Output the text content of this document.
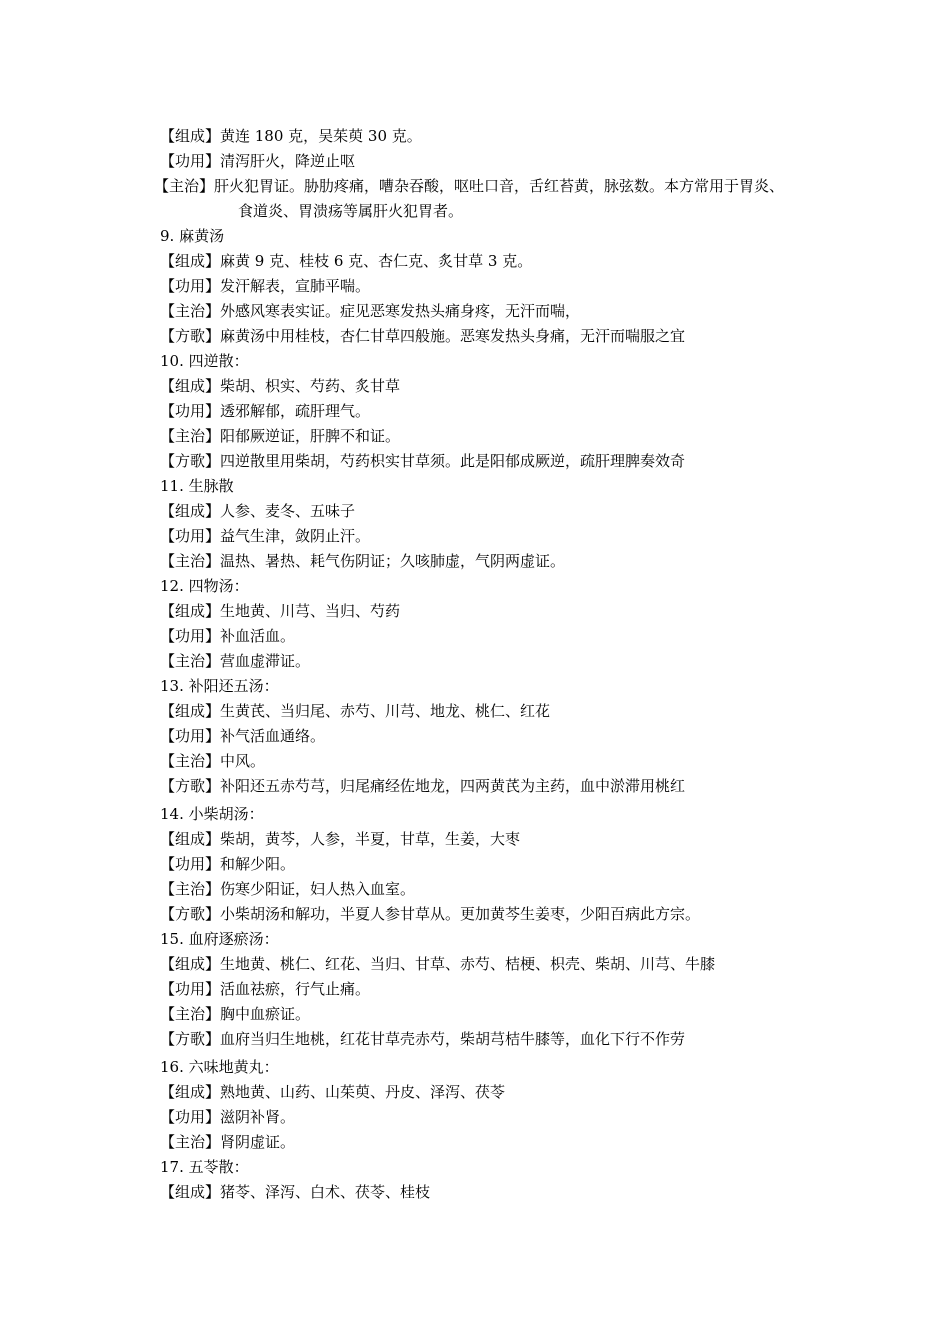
【组成】黄连 180 克，吴茱萸 30 克。
【功用】清泻肝火，降逆止呕
【主治】肝火犯胃证。胁肋疼痛，嘈杂吞酸，呕吐口音，舌红苔黄，脉弦数。本方常用于胃炎、
食道炎、胃溃疡等属肝火犯胃者。
9. 麻黄汤
【组成】麻黄 9 克、桂枝 6 克、杏仁克、炙甘草 3 克。
【功用】发汗解表，宣肺平喘。
【主治】外感风寒表实证。症见恶寒发热头痛身疼，无汗而喘，
【方歌】麻黄汤中用桂枝，杏仁甘草四般施。恶寒发热头身痛，无汗而喘服之宜
10. 四逆散：
【组成】柴胡、枳实、芍药、炙甘草
【功用】透邪解郁，疏肝理气。
【主治】阳郁厥逆证，肝脾不和证。
【方歌】四逆散里用柴胡，芍药枳实甘草须。此是阳郁成厥逆，疏肝理脾奏效奇
11. 生脉散
【组成】人参、麦冬、五味子
【功用】益气生津，敛阴止汗。
【主治】温热、暑热、耗气伤阴证；久咳肺虚，气阴两虚证。
12. 四物汤：
【组成】生地黄、川芎、当归、芍药
【功用】补血活血。
【主治】营血虚滞证。
13. 补阳还五汤：
【组成】生黄芪、当归尾、赤芍、川芎、地龙、桃仁、红花
【功用】补气活血通络。
【主治】中风。
【方歌】补阳还五赤芍芎，归尾痛经佐地龙，四两黄芪为主药，血中淤滞用桃红
14. 小柴胡汤：
【组成】柴胡，黄芩，人参，半夏，甘草，生姜，大枣
【功用】和解少阳。
【主治】伤寒少阳证，妇人热入血室。
【方歌】小柴胡汤和解功，半夏人参甘草从。更加黄芩生姜枣，少阳百病此方宗。
15. 血府逐瘀汤：
【组成】生地黄、桃仁、红花、当归、甘草、赤芍、桔梗、枳壳、柴胡、川芎、牛膝
【功用】活血祛瘀，行气止痛。
【主治】胸中血瘀证。
【方歌】血府当归生地桃，红花甘草壳赤芍，柴胡芎桔牛膝等，血化下行不作劳
16. 六味地黄丸：
【组成】熟地黄、山药、山茱萸、丹皮、泽泻、茯苓
【功用】滋阴补肾。
【主治】肾阴虚证。
17. 五苓散：
【组成】猪苓、泽泻、白术、茯苓、桂枝
